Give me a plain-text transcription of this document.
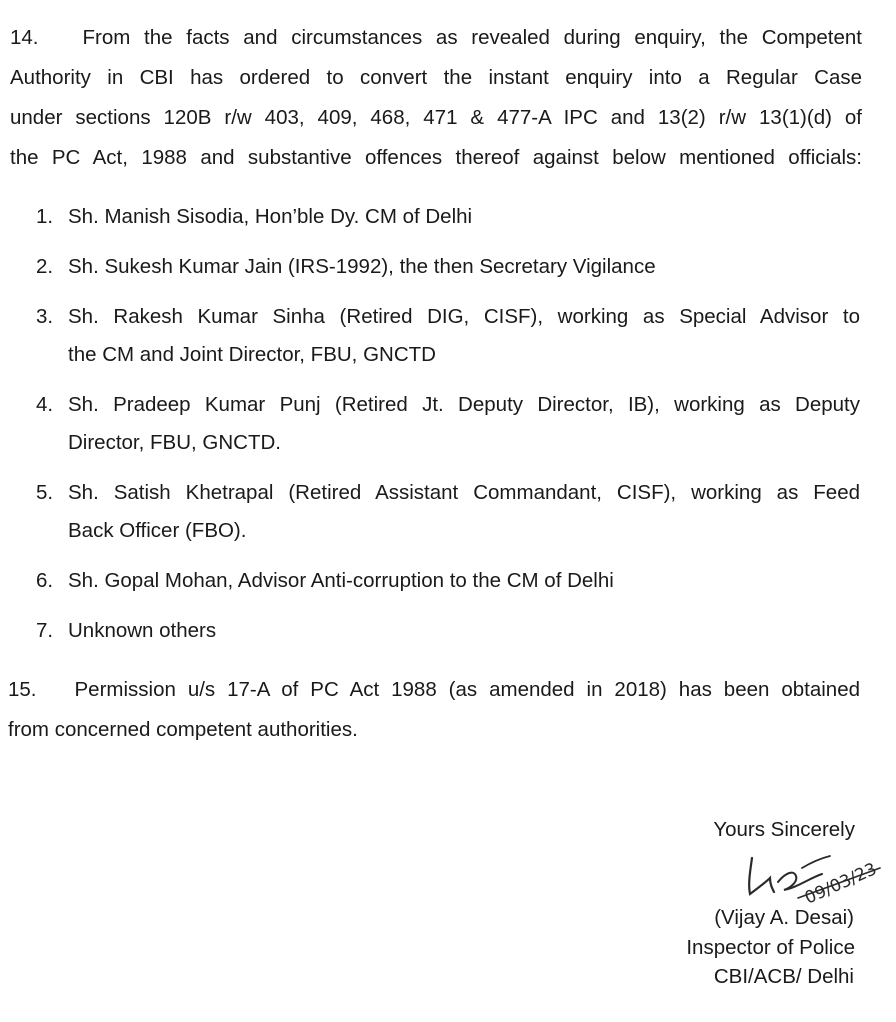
14. From the facts and circumstances as revealed during enquiry, the Competent
Authority in CBI has ordered to convert the instant enquiry into a Regular Case
under sections 120B r/w 403, 409, 468, 471 & 477-A IPC and 13(2) r/w 13(1)(d) of
the PC Act, 1988 and substantive offences thereof against below mentioned officials:
1. Sh. Manish Sisodia, Hon’ble Dy. CM of Delhi
2. Sh. Sukesh Kumar Jain (IRS-1992), the then Secretary Vigilance
3. Sh. Rakesh Kumar Sinha (Retired DIG, CISF), working as Special Advisor to
the CM and Joint Director, FBU, GNCTD
4. Sh. Pradeep Kumar Punj (Retired Jt. Deputy Director, IB), working as Deputy
Director, FBU, GNCTD.
5. Sh. Satish Khetrapal (Retired Assistant Commandant, CISF), working as Feed
Back Officer (FBO).
6. Sh. Gopal Mohan, Advisor Anti-corruption to the CM of Delhi
7. Unknown others
15. Permission u/s 17-A of PC Act 1988 (as amended in 2018) has been obtained
from concerned competent authorities.
Yours Sincerely
09/03/23
(Vijay A. Desai)
Inspector of Police
CBI/ACB/ Delhi
